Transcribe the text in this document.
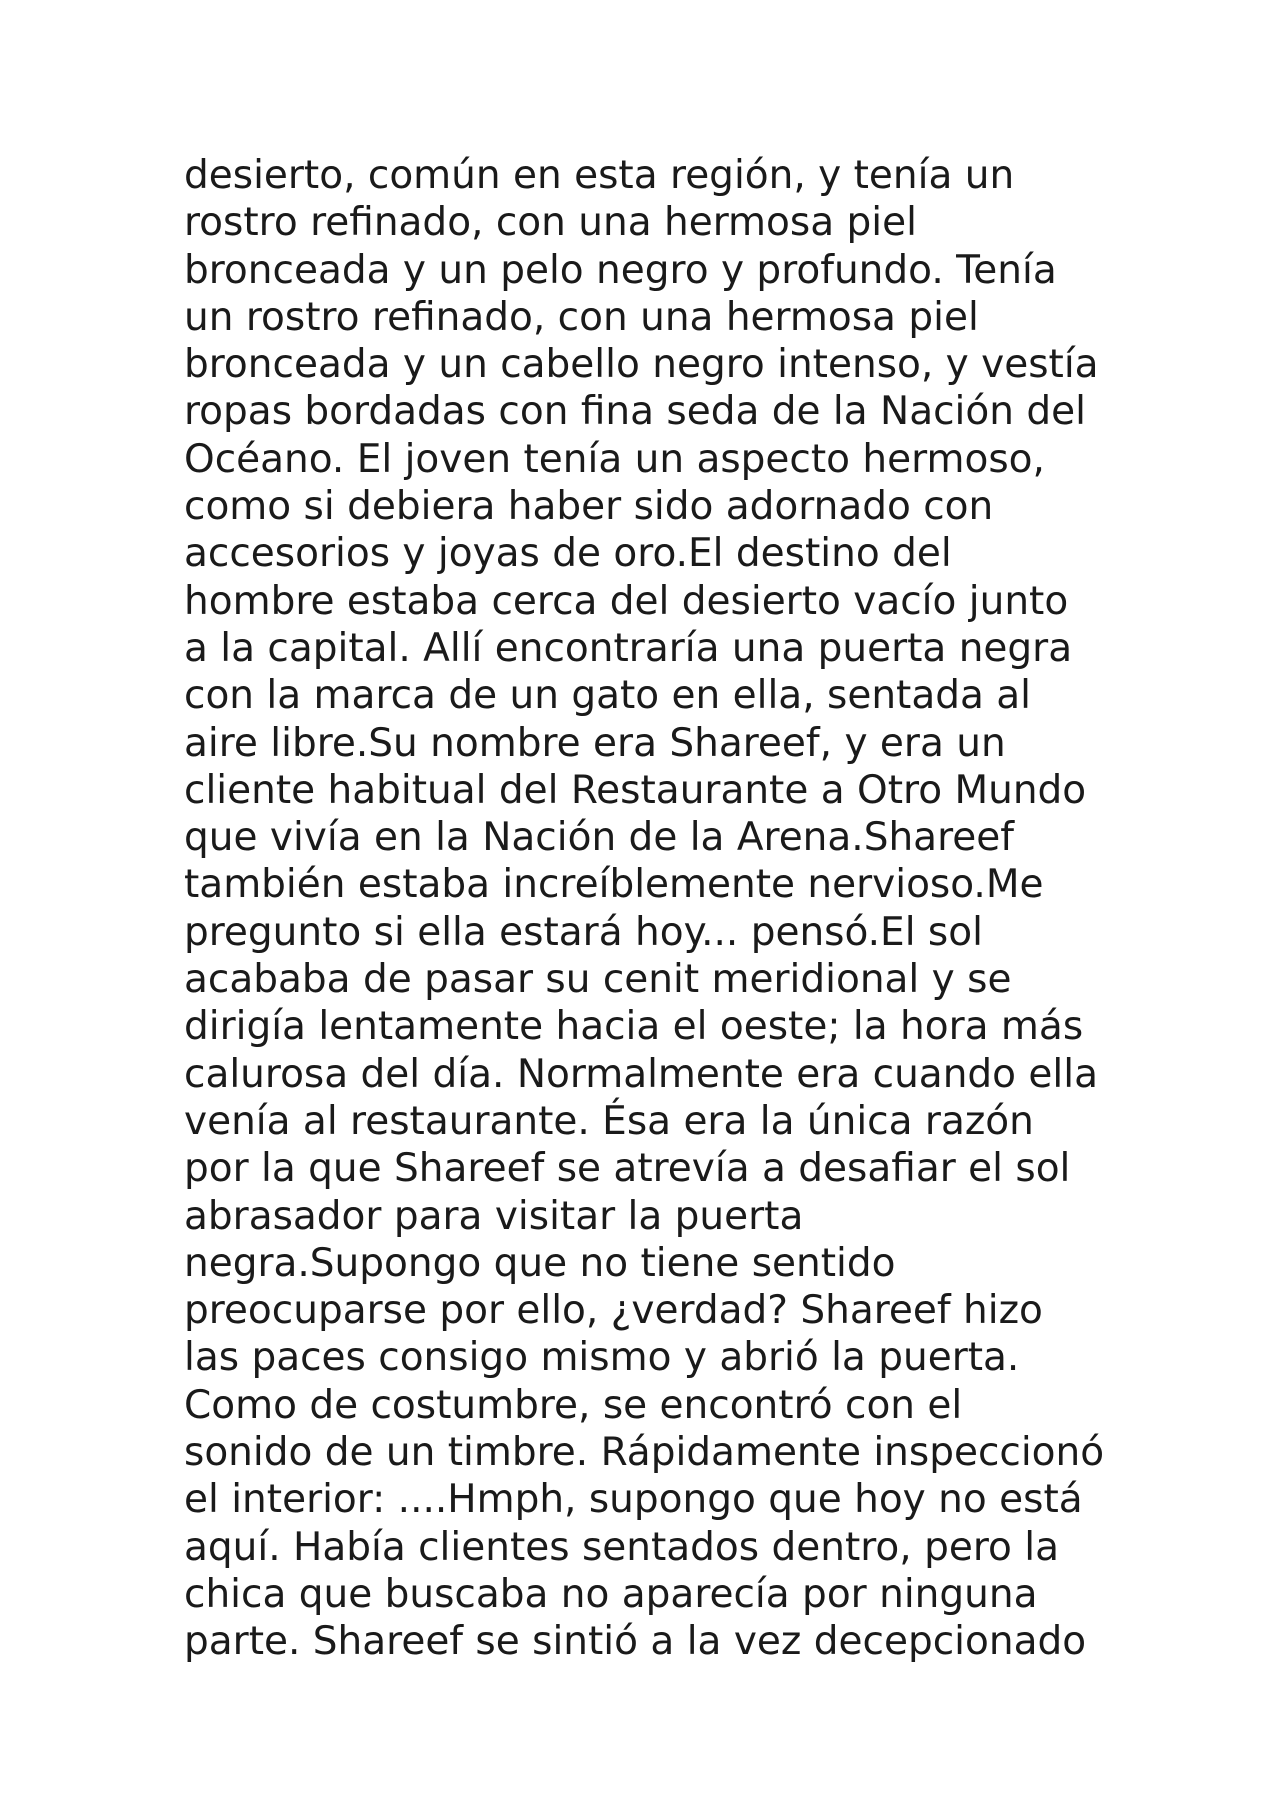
desierto, común en esta región, y tenía un
rostro refinado, con una hermosa piel
bronceada y un pelo negro y profundo. Tenía
un rostro refinado, con una hermosa piel
bronceada y un cabello negro intenso, y vestía
ropas bordadas con fina seda de la Nación del
Océano. El joven tenía un aspecto hermoso,
como si debiera haber sido adornado con
accesorios y joyas de oro.El destino del
hombre estaba cerca del desierto vacío junto
a la capital. Allí encontraría una puerta negra
con la marca de un gato en ella, sentada al
aire libre.Su nombre era Shareef, y era un
cliente habitual del Restaurante a Otro Mundo
que vivía en la Nación de la Arena.Shareef
también estaba increíblemente nervioso.Me
pregunto si ella estará hoy... pensó.El sol
acababa de pasar su cenit meridional y se
dirigía lentamente hacia el oeste; la hora más
calurosa del día. Normalmente era cuando ella
venía al restaurante. Ésa era la única razón
por la que Shareef se atrevía a desafiar el sol
abrasador para visitar la puerta
negra.Supongo que no tiene sentido
preocuparse por ello, ¿verdad? Shareef hizo
las paces consigo mismo y abrió la puerta.
Como de costumbre, se encontró con el
sonido de un timbre. Rápidamente inspeccionó
el interior: ....Hmph, supongo que hoy no está
aquí. Había clientes sentados dentro, pero la
chica que buscaba no aparecía por ninguna
parte. Shareef se sintió a la vez decepcionado
